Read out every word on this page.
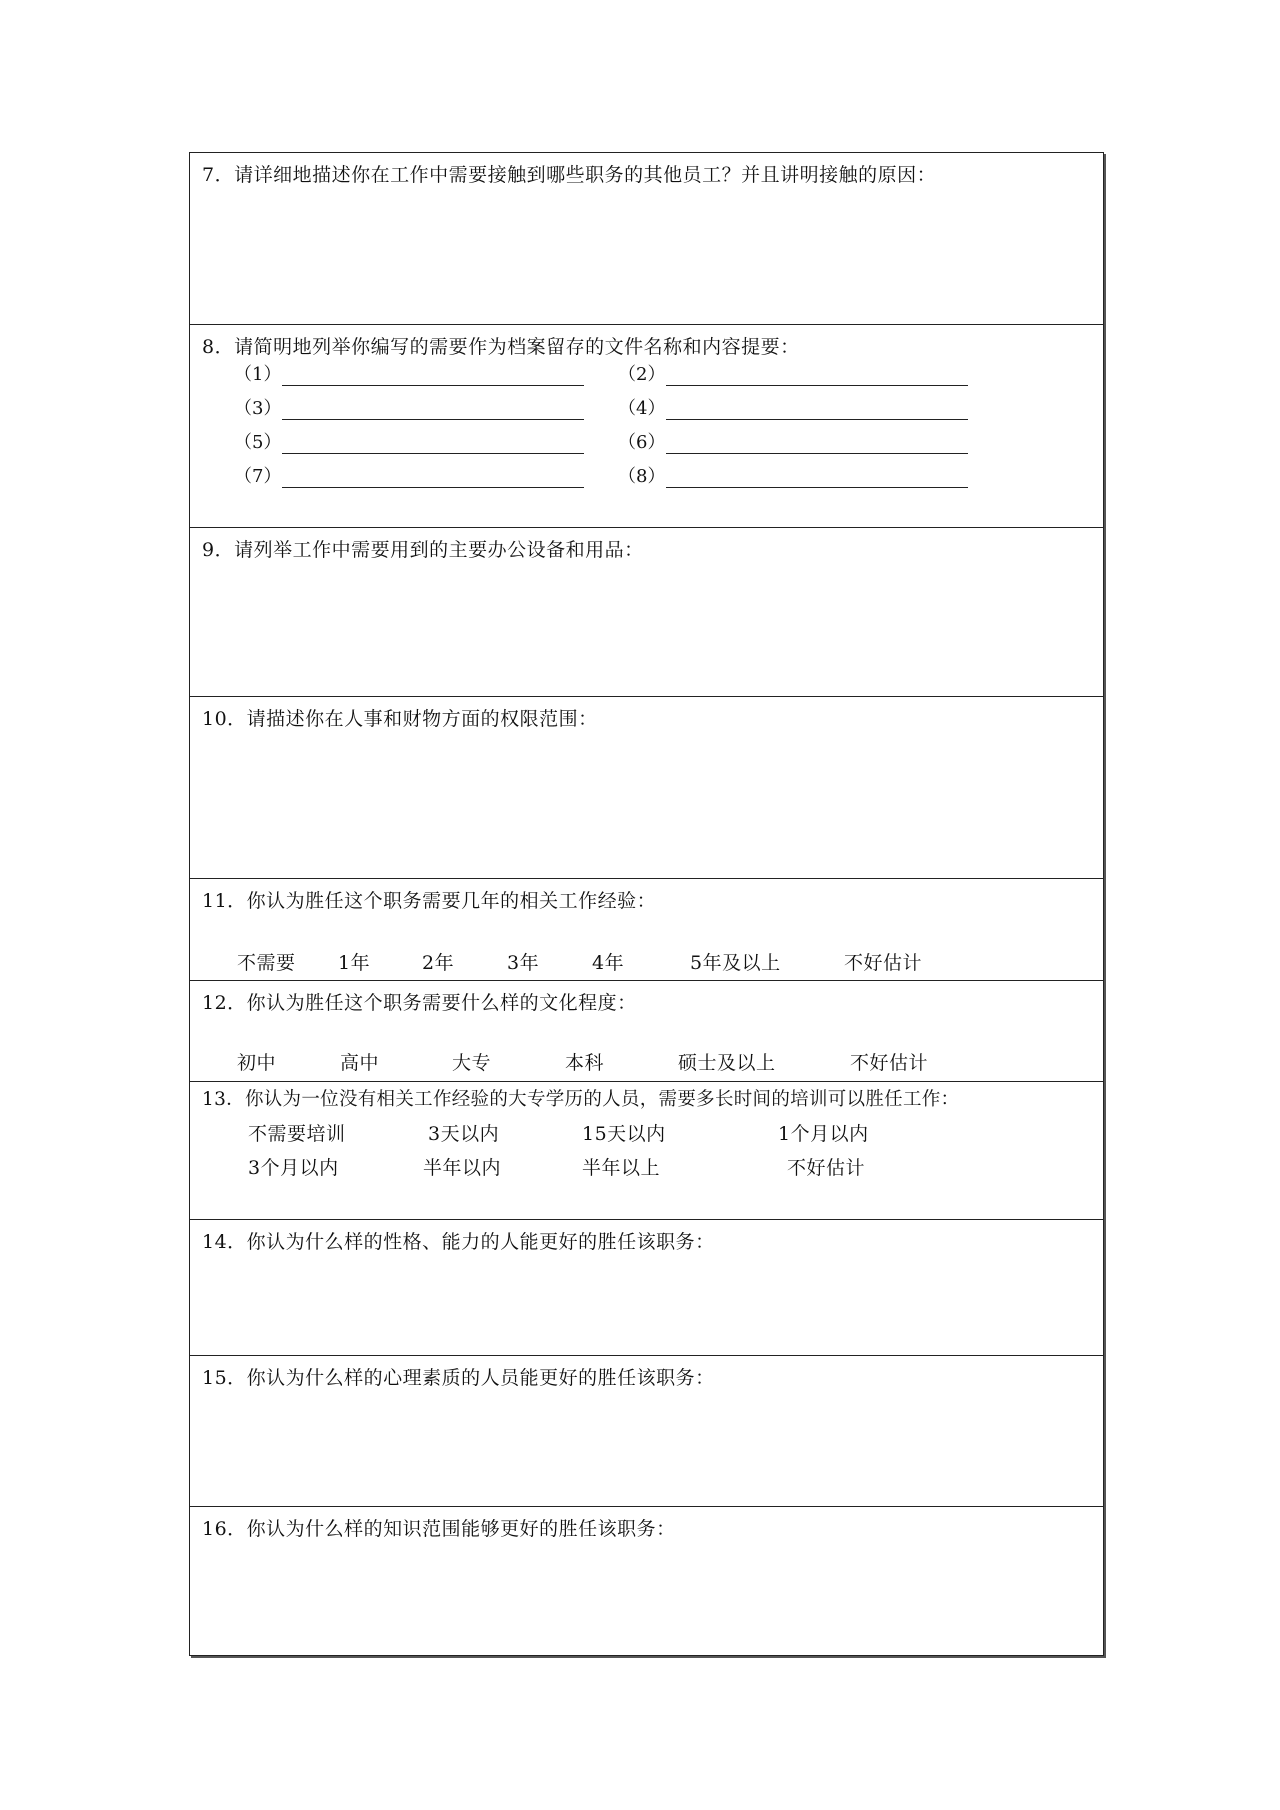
7．请详细地描述你在工作中需要接触到哪些职务的其他员工？并且讲明接触的原因：
8．请简明地列举你编写的需要作为档案留存的文件名称和内容提要：
（1）	（2）
（3）	（4）
（5）	（6）
（7）	（8）
9．请列举工作中需要用到的主要办公设备和用品：
10．请描述你在人事和财物方面的权限范围：
11．你认为胜任这个职务需要几年的相关工作经验：
不需要 1年	2年	3年	4年	5年及以上	不好估计
12．你认为胜任这个职务需要什么样的文化程度：
初中	高中	大专	本科	硕士及以上	不好估计
13．你认为一位没有相关工作经验的大专学历的人员，需要多长时间的培训可以胜任工作：
不需要培训	3天以内	15天以内	1个月以内
3个月以内	半年以内	半年以上	不好估计
14．你认为什么样的性格、能力的人能更好的胜任该职务：
15．你认为什么样的心理素质的人员能更好的胜任该职务：
16．你认为什么样的知识范围能够更好的胜任该职务：
